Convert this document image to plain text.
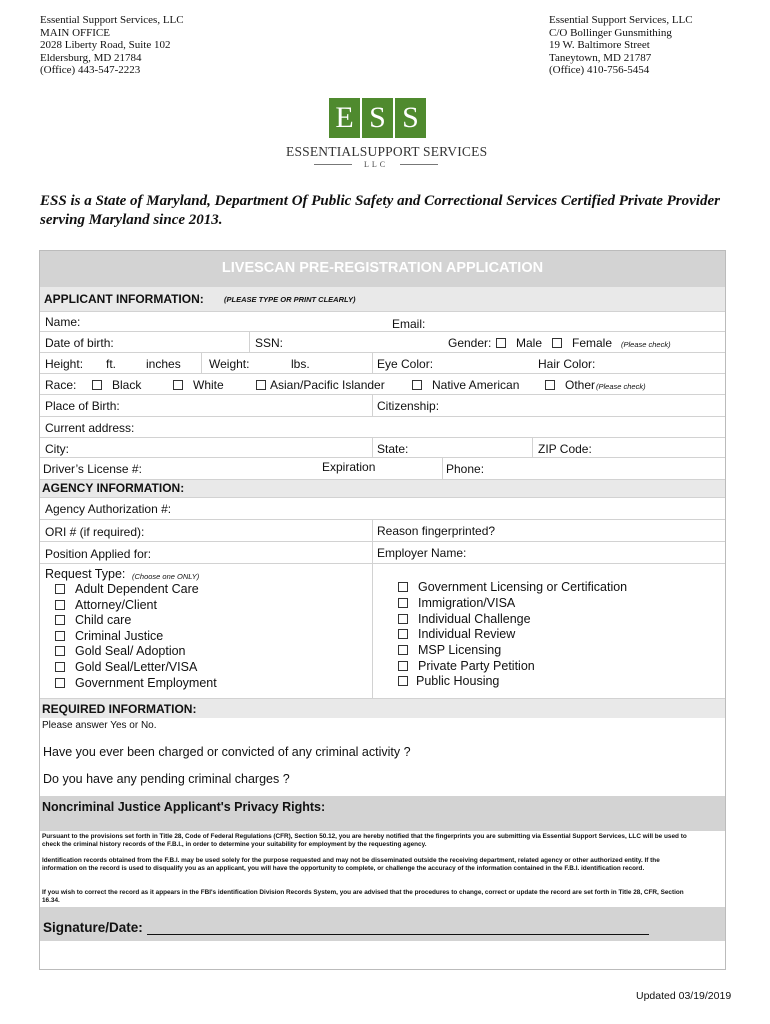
Essential Support Services, LLC
MAIN OFFICE
2028 Liberty Road, Suite 102
Eldersburg, MD 21784
(Office) 443-547-2223
Essential Support Services, LLC
C/O Bollinger Gunsmithing
19 W. Baltimore Street
Taneytown, MD 21787
(Office) 410-756-5454
E S S
ESSENTIALSUPPORT SERVICES
LLC
ESS is a State of Maryland, Department Of Public Safety and Correctional Services Certified Private Provider serving Maryland since 2013.
LIVESCAN PRE-REGISTRATION APPLICATION
APPLICANT INFORMATION:	(PLEASE TYPE OR PRINT CLEARLY)
Name:	Email:
Date of birth:	SSN:	Gender:	Male	Female (Please check)
Height: ft. inches Weight:	lbs.	Eye Color:	Hair Color:
Race:	Black	White	Asian/Pacific Islander	Native American	Other (Please check)
Place of Birth:	Citizenship:
Current address:
City:	State:	ZIP Code:
Driver’s License #:	Expiration	Phone:
AGENCY INFORMATION:
Agency Authorization #:
ORI # (if required):	Reason fingerprinted?
Position Applied for:	Employer Name:
Request Type: (Choose one ONLY)
Adult Dependent Care
Attorney/Client
Child care
Criminal Justice
Gold Seal/ Adoption
Gold Seal/Letter/VISA
Government Employment
Government Licensing or Certification
Immigration/VISA
Individual Challenge
Individual Review
MSP Licensing
Private Party Petition
Public Housing
REQUIRED INFORMATION:
Please answer Yes or No.
Have you ever been charged or convicted of any criminal activity ?
Do you have any pending criminal charges ?
Noncriminal Justice Applicant's Privacy Rights:
Pursuant to the provisions set forth in Title 28, Code of Federal Regulations (CFR), Section 50.12, you are hereby notified that the fingerprints you are submitting via Essential Support Services, LLC will be used to check the criminal history records of the F.B.I., in order to determine your suitability for employment by the requesting agency.
Identification records obtained from the F.B.I. may be used solely for the purpose requested and may not be disseminated outside the receiving department, related agency or other authorized entity. If the information on the record is used to disqualify you as an applicant, you will have the opportunity to complete, or challenge the accuracy of the information contained in the F.B.I. identification record.
If you wish to correct the record as it appears in the FBI's identification Division Records System, you are advised that the procedures to change, correct or update the record are set forth in Title 28, CFR, Section 16.34.
Signature/Date:
Updated 03/19/2019
